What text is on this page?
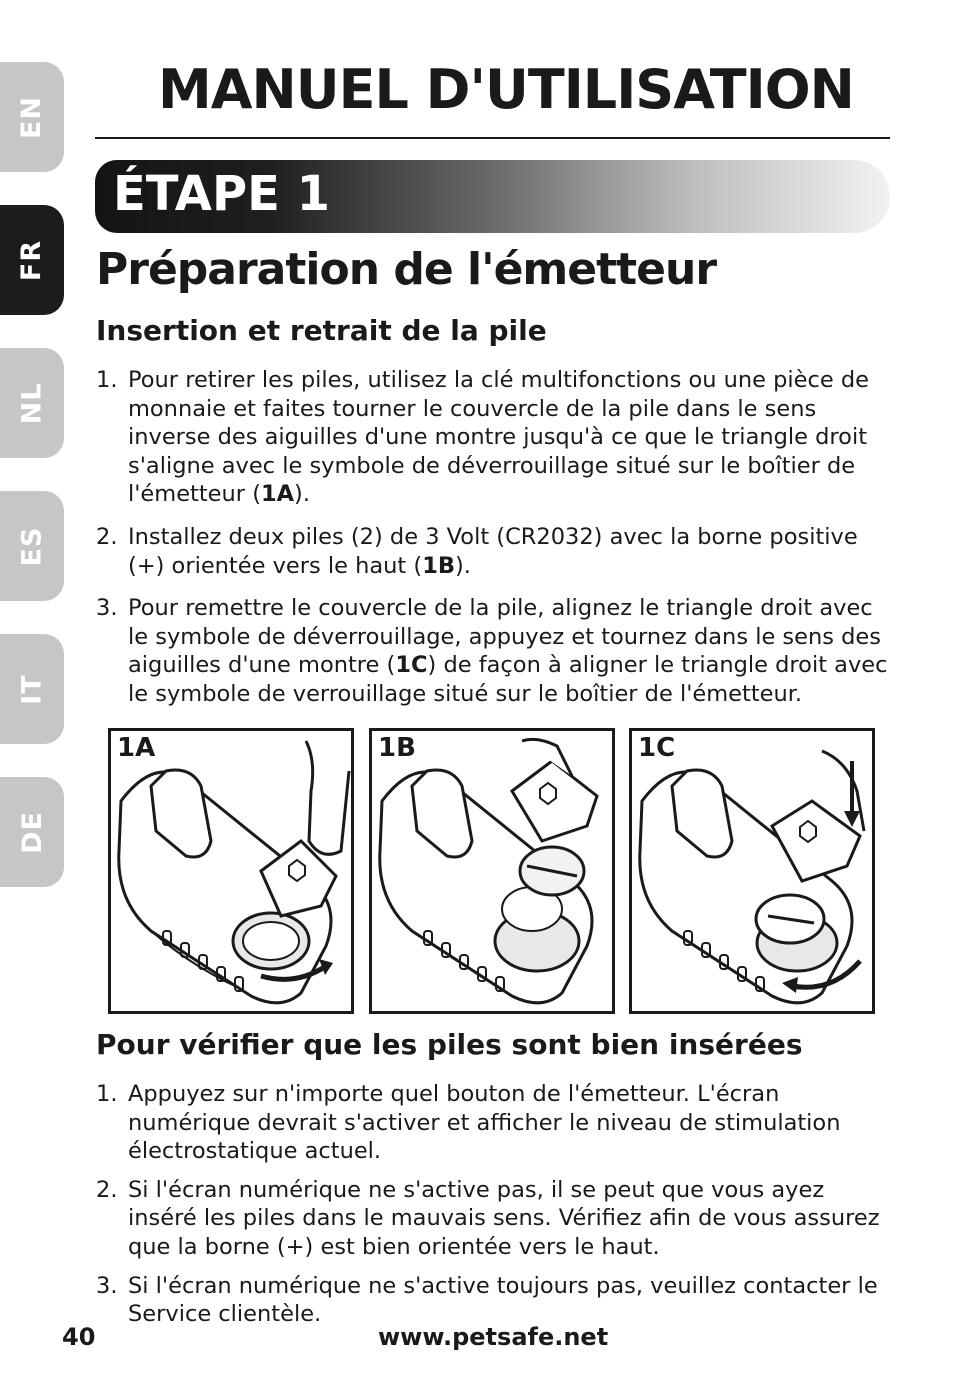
EN
FR
NL
ES
IT
DE
MANUEL D'UTILISATION
ÉTAPE 1
Préparation de l'émetteur
Insertion et retrait de la pile
1. Pour retirer les piles, utilisez la clé multifonctions ou une pièce de monnaie et faites tourner le couvercle de la pile dans le sens inverse des aiguilles d'une montre jusqu'à ce que le triangle droit s'aligne avec le symbole de déverrouillage situé sur le boîtier de l'émetteur (1A).
2. Installez deux piles (2) de 3 Volt (CR2032) avec la borne positive (+) orientée vers le haut (1B).
3. Pour remettre le couvercle de la pile, alignez le triangle droit avec le symbole de déverrouillage, appuyez et tournez dans le sens des aiguilles d'une montre (1C) de façon à aligner le triangle droit avec le symbole de verrouillage situé sur le boîtier de l'émetteur.
1A	1B	1C
Pour vérifier que les piles sont bien insérées
1. Appuyez sur n'importe quel bouton de l'émetteur. L'écran numérique devrait s'activer et afficher le niveau de stimulation électrostatique actuel.
2. Si l'écran numérique ne s'active pas, il se peut que vous ayez inséré les piles dans le mauvais sens. Vérifiez afin de vous assurez que la borne (+) est bien orientée vers le haut.
3. Si l'écran numérique ne s'active toujours pas, veuillez contacter le Service clientèle.
40	www.petsafe.net
